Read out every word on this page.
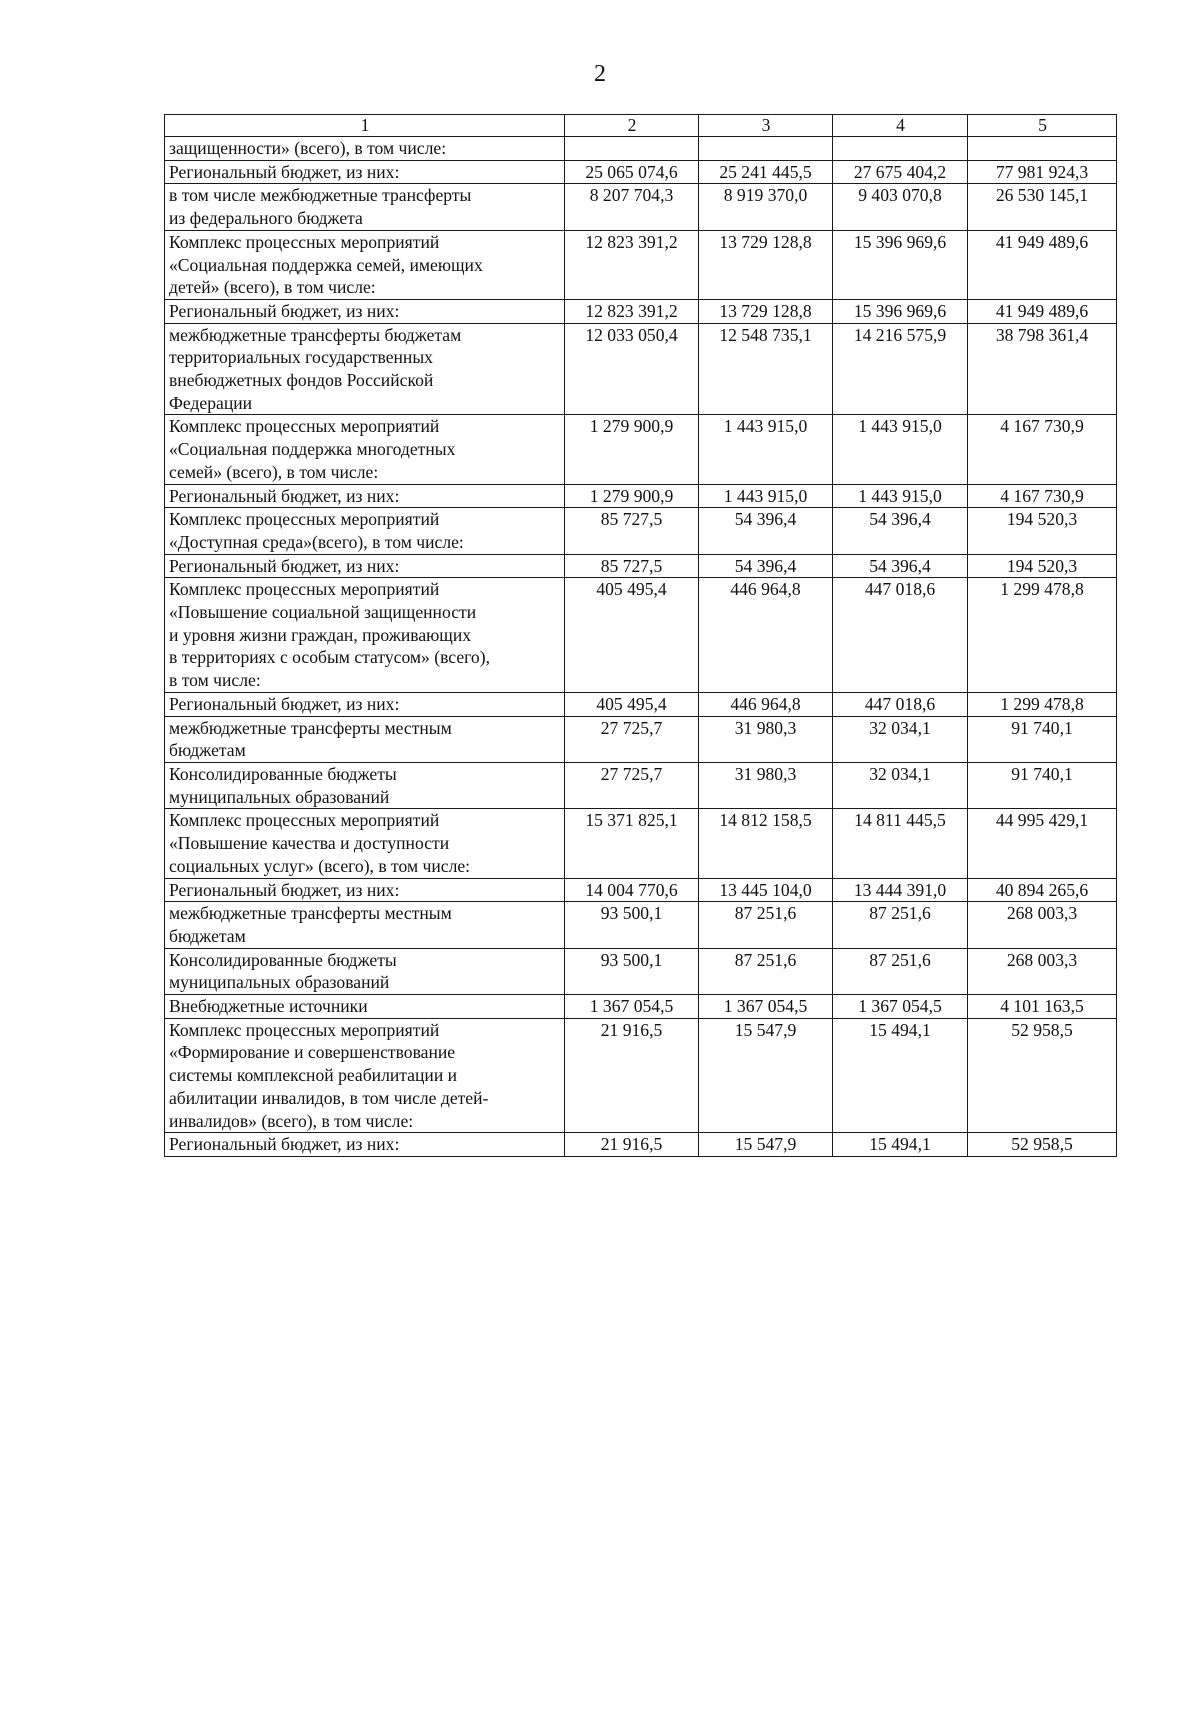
2
1	2	3	4	5
защищенности» (всего), в том числе:				
Региональный бюджет, из них:	25 065 074,6	25 241 445,5	27 675 404,2	77 981 924,3
в том числе межбюджетные трансферты
из федерального бюджета	8 207 704,3	8 919 370,0	9 403 070,8	26 530 145,1
Комплекс процессных мероприятий
«Социальная поддержка семей, имеющих
детей» (всего), в том числе:	12 823 391,2	13 729 128,8	15 396 969,6	41 949 489,6
Региональный бюджет, из них:	12 823 391,2	13 729 128,8	15 396 969,6	41 949 489,6
межбюджетные трансферты бюджетам
территориальных государственных
внебюджетных фондов Российской
Федерации	12 033 050,4	12 548 735,1	14 216 575,9	38 798 361,4
Комплекс процессных мероприятий
«Социальная поддержка многодетных
семей» (всего), в том числе:	1 279 900,9	1 443 915,0	1 443 915,0	4 167 730,9
Региональный бюджет, из них:	1 279 900,9	1 443 915,0	1 443 915,0	4 167 730,9
Комплекс процессных мероприятий
«Доступная среда»(всего), в том числе:	85 727,5	54 396,4	54 396,4	194 520,3
Региональный бюджет, из них:	85 727,5	54 396,4	54 396,4	194 520,3
Комплекс процессных мероприятий
«Повышение социальной защищенности
и уровня жизни граждан, проживающих
в территориях с особым статусом» (всего),
в том числе:	405 495,4	446 964,8	447 018,6	1 299 478,8
Региональный бюджет, из них:	405 495,4	446 964,8	447 018,6	1 299 478,8
межбюджетные трансферты местным
бюджетам	27 725,7	31 980,3	32 034,1	91 740,1
Консолидированные бюджеты
муниципальных образований	27 725,7	31 980,3	32 034,1	91 740,1
Комплекс процессных мероприятий
«Повышение качества и доступности
социальных услуг» (всего), в том числе:	15 371 825,1	14 812 158,5	14 811 445,5	44 995 429,1
Региональный бюджет, из них:	14 004 770,6	13 445 104,0	13 444 391,0	40 894 265,6
межбюджетные трансферты местным
бюджетам	93 500,1	87 251,6	87 251,6	268 003,3
Консолидированные бюджеты
муниципальных образований	93 500,1	87 251,6	87 251,6	268 003,3
Внебюджетные источники	1 367 054,5	1 367 054,5	1 367 054,5	4 101 163,5
Комплекс процессных мероприятий
«Формирование и совершенствование
системы комплексной реабилитации и
абилитации инвалидов, в том числе детей-
инвалидов» (всего), в том числе:	21 916,5	15 547,9	15 494,1	52 958,5
Региональный бюджет, из них:	21 916,5	15 547,9	15 494,1	52 958,5
